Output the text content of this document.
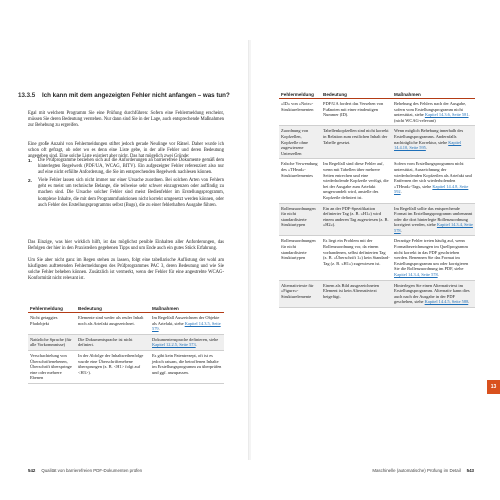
13.3.5 Ich kann mit dem angezeigten Fehler nicht anfangen – was tun?

Egal mit welchem Programm Sie eine Prüfung durchführen: Sofern eine Fehlermeldung erscheint, müssen Sie deren Bedeutung verstehen. Nur dann sind Sie in der Lage, auch entsprechende Maßnahmen zur Behebung zu ergreifen.

Eine große Anzahl von Fehlermeldungen stiftet jedoch gerade Neulinge vor Rätsel. Daher wurde ich schon oft gefragt, ob oder wo es denn eine Liste gebe, in der alle Fehler und deren Bedeutung angegeben sind. Eine solche Liste existiert aber nicht. Das hat mögelich zwei Gründe:

1. Die Prüfprogramme beziehen sich auf die Anforderungen an barrierefreie Dokumente gemäß dem hinterlegten Regelwerk (PDF/UA, WCAG, BITV). Ein aufgezeigter Fehler referenziert also nur auf eine nicht erfüllte Anforderung, die Sie im entsprechenden Regelwerk nachlesen können.
2. Viele Fehler lassen sich nicht immer nur einer Ursache zuordnen. Bei solchen Arten von Fehlern geht es meist um technische Belange, die teilweise sehr schwer einzugrenzen oder auffindig zu machen sind. Die Ursache solcher Fehler sind meist Bedienfehler im Erstellungsprogramm, komplexe Inhalte, die mit dem Programmfunktionen nicht korrekt umgesetzt werden können, oder auch Fehler des Erstellungsprogramms selbst (Bugs), die zu einer fehlerhaften Ausgabe führen.

Das Einzige, was hier wirklich hilft, ist das möglichst penible Einhalten aller Anforderungen, das Befolgen der hier in den Praxisteilen gegebenen Tipps und um Ende auch ein gutes Stück Erfahrung.

Um Sie aber nicht ganz im Regen stehen zu lassen, folgt eine tabellarische Auflistung der wohl am häufigsten auftretenden Fehlermeldungen des Prüfprogrammes PAC 3, deren Bedeutung und wie Sie solche Fehler beheben können. Zusätzlich ist vermerkt, wenn der Fehler für eine angestrebte WCAG-Konformität nicht relevant ist.

Fehlermeldung	Bedeutung	Maßnahmen
Nicht getaggtes Pfadobjekt	Elemente sind weder als reuler Inhalt noch als Artefakt ausgezeichnet.	Im Regelfall Auszeichnen der Objekte als Artefakt, siehe Kapitel 14.3.5, Seite 579.
Natürliche Sprache (für alle Vorkommnisse)	Die Dokumentsprache ist nicht definiert.	Dokumentensprache definieren, siehe Kapitel 12.2.5, Seite 573.
Verschachtelung von Überschriftenebenen, Überschrift überspringe eine oder mehrere Ebenen	In der Abfolge der Inhaltsreihenfolge wurde eine Überschriftenebene übersprungen (z. B. <H1> folgt auf <H3>).	Es gibt kein Patentrezept, oft ist es jedoch ratsam, die betroffenen Inhalte im Erstellungsprogramm zu überprüfen und ggf. anzupassen.
542 Qualität von barrierefreien PDF-Dokumenten prüfen
Fehlermeldung	Bedeutung	Maßnahmen
»ID» von »Note«-Strukturelementen	PDF/UA fordert das Versehen von Fußnoten mit einer eindeutigen Nummer (ID).	Behebung des Fehlers nach der Ausgabe, sofern vom Erstellungsprogramm nicht unterstützt, siehe Kapitel 14.3.6, Seite 581. (nicht WCAG-relevant)
Zuordnung von Kopfzellen, Kopfzelle ohne zugewiesene Unterzellen	Tabellenkopfzellen sind nicht korrekt in Relation zum restlichen Inhalt der Tabelle gesetzt.	Wenn möglich Behebung innerhalb des Erstellungsprogramms. Andernfalls nachträgliche Korrektur, siehe Kapitel 14.4.10, Seite 595.
Falsche Verwendung des »THead«-Strukturelementes	Im Regelfall sind diese Fehler auf, wenn mit Tabellen über mehrere Seiten entrechen und eine wiederholende Kopfzeile verfügt, die bei der Ausgabe zum Artefakt umgewandelt wird, anstelle des Kopfzeile definiert ist.	Sofern vom Erstellungsprogramm nicht unterstützt, Auszeichnung der wiederholenden Kopfzeilen als Artefakt und Entfernen der sich wiederholenden »THead«-Tags, siehe Kapitel 14.4.8, Seite 592.
Rollenzuordnungen für nicht standardisierte Strukturtypen	Ein an der PDF-Spezifikation definierter Tag (z. B. »H1«) wird einem anderen Tag zugewiesen (z. B. »H2«).	Im Regelfall sollte das entsprechende Format im Erstellungsprogramm umbenannt oder die dort hinterlegte Rollenzuordnung korrigiert werden, siehe Kapitel 14.3.4, Seite 578.
Rollenzuordnungen für nicht standardisierte Strukturtypen	Es liegt ein Problem mit der Rollenzuordnung vor, da einem vorhandenen, selbst definierten Tag (z. B. »Überschrift 1«) kein Standard-Tag (z. B. »H1«) zugewiesen ist.	Derartige Fehler treten häufig auf, wenn Formatbezeichnungen im Quellprogramm nicht korrekt in das PDF geschrieben werden. Benennen Sie das Format im Erstellungsprogramm um oder korrigieren Sie die Rollenzuordnung im PDF, siehe Kapitel 14.3.4, Seite 578.
Alternativtexte für »Figure«-Strukturelemente	Einem als Bild ausgezeichneten Element ist kein Alternativtext beigefügt.	Hinterlegen Sie einen Alternativtext im Erstellungsprogramm. Alternativ kann dies auch nach der Ausgabe in der PDF geschehen, siehe Kapitel 14.4.5, Seite 588.
13
Maschinelle (automatische) Prüfung im Detail 543
